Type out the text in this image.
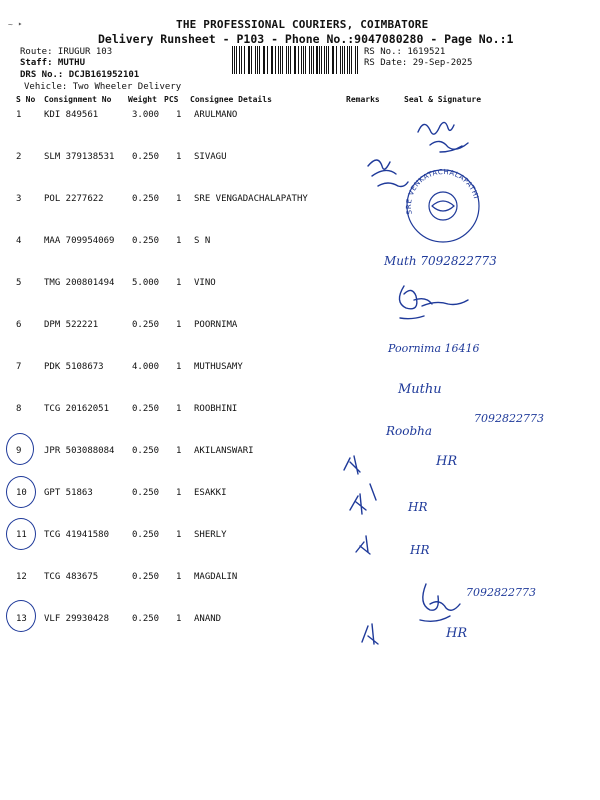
~ ‣	THE PROFESSIONAL COURIERS, COIMBATORE
Delivery Runsheet - P103 - Phone No.:9047080280 - Page No.:1
Route: IRUGUR 103
Staff: MUTHU
DRS No.: DCJB161952101
Vehicle: Two Wheeler Delivery
RS No.: 1619521
RS Date: 29-Sep-2025
S No Consignment No Weight PCS Consignee Details	Remarks	Seal & Signature
1	KDI 849561	3.000 1 ARULMANO
2	SLM 379138531 0.250 1 SIVAGU
3	POL 2277622	0.250 1 SRE VENGADACHALAPATHY
4	MAA 709954069 0.250 1 S N
5	TMG 200801494 5.000 1 VINO
6	DPM 522221	0.250 1 POORNIMA
7	PDK 5108673	4.000 1 MUTHUSAMY
8	TCG 20162051	0.250 1 ROOBHINI
9	JPR 503088084 0.250 1 AKILANSWARI
10 GPT 51863	0.250 1 ESAKKI
11 TCG 41941580	0.250 1 SHERLY
12 TCG 483675	0.250 1 MAGDALIN
13 VLF 29930428	0.250 1 ANAND
SRE VENKATACHALAPATHI
Muth 7092822773
Poornima 16416
Muthu
Roobha
7092822773
HR
HR
HR
7092822773
HR
